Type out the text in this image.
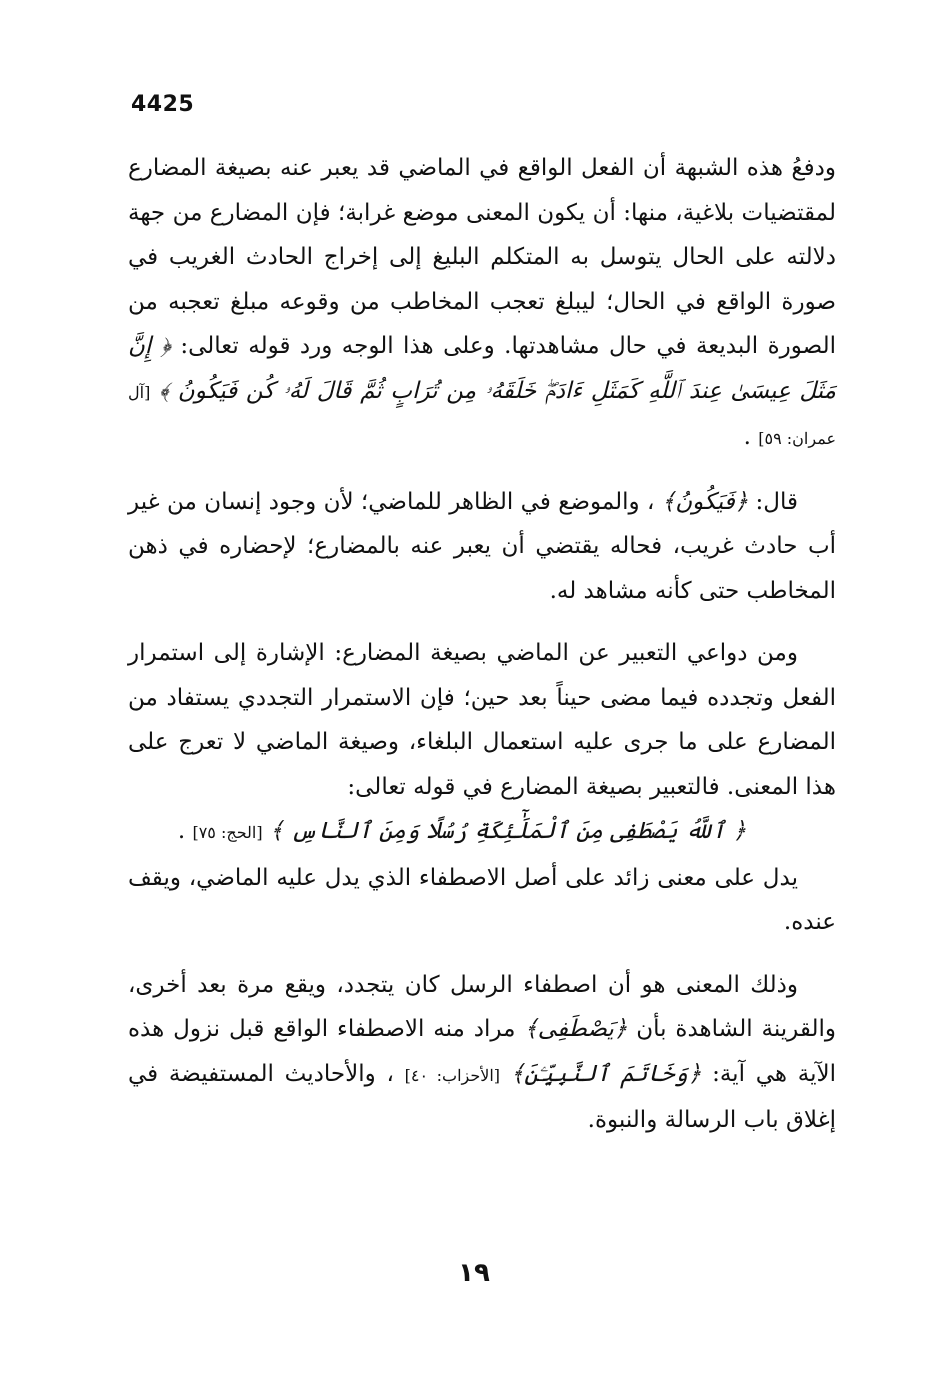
4425

ودفعُ هذه الشبهة أن الفعل الواقع في الماضي قد يعبر عنه بصيغة المضارع لمقتضيات بلاغية، منها: أن يكون المعنى موضع غرابة؛ فإن المضارع من جهة دلالته على الحال يتوسل به المتكلم البليغ إلى إخراج الحادث الغريب في صورة الواقع في الحال؛ ليبلغ تعجب المخاطب من وقوعه مبلغ تعجبه من الصورة البديعة في حال مشاهدتها. وعلى هذا الوجه ورد قوله تعالى: ﴿ إِنَّ مَثَلَ عِيسَىٰ عِندَ ٱللَّهِ كَمَثَلِ ءَادَمَۖ خَلَقَهُۥ مِن تُرَابٍ ثُمَّ قَالَ لَهُۥ كُن فَيَكُونُ ﴾ [آل عمران: ٥٩] .

قال: ﴿فَيَكُونُ﴾ ، والموضع في الظاهر للماضي؛ لأن وجود إنسان من غير أب حادث غريب، فحاله يقتضي أن يعبر عنه بالمضارع؛ لإحضاره في ذهن المخاطب حتى كأنه مشاهد له.

ومن دواعي التعبير عن الماضي بصيغة المضارع: الإشارة إلى استمرار الفعل وتجدده فيما مضى حيناً بعد حين؛ فإن الاستمرار التجددي يستفاد من المضارع على ما جرى عليه استعمال البلغاء، وصيغة الماضي لا تعرج على هذا المعنى. فالتعبير بصيغة المضارع في قوله تعالى:

﴿ ٱللَّهُ يَصْطَفِى مِنَ ٱلْمَلَٰٓئِكَةِ رُسُلًا وَمِنَ ٱلنَّاسِ ﴾ [الحج: ٧٥] .

يدل على معنى زائد على أصل الاصطفاء الذي يدل عليه الماضي، ويقف عنده.

وذلك المعنى هو أن اصطفاء الرسل كان يتجدد، ويقع مرة بعد أخرى، والقرينة الشاهدة بأن ﴿يَصْطَفِى﴾ مراد منه الاصطفاء الواقع قبل نزول هذه الآية هي آية: ﴿وَخَاتَمَ ٱلنَّبِيِّـۧنَ﴾ [الأحزاب: ٤٠] ، والأحاديث المستفيضة في إغلاق باب الرسالة والنبوة.

١٩
